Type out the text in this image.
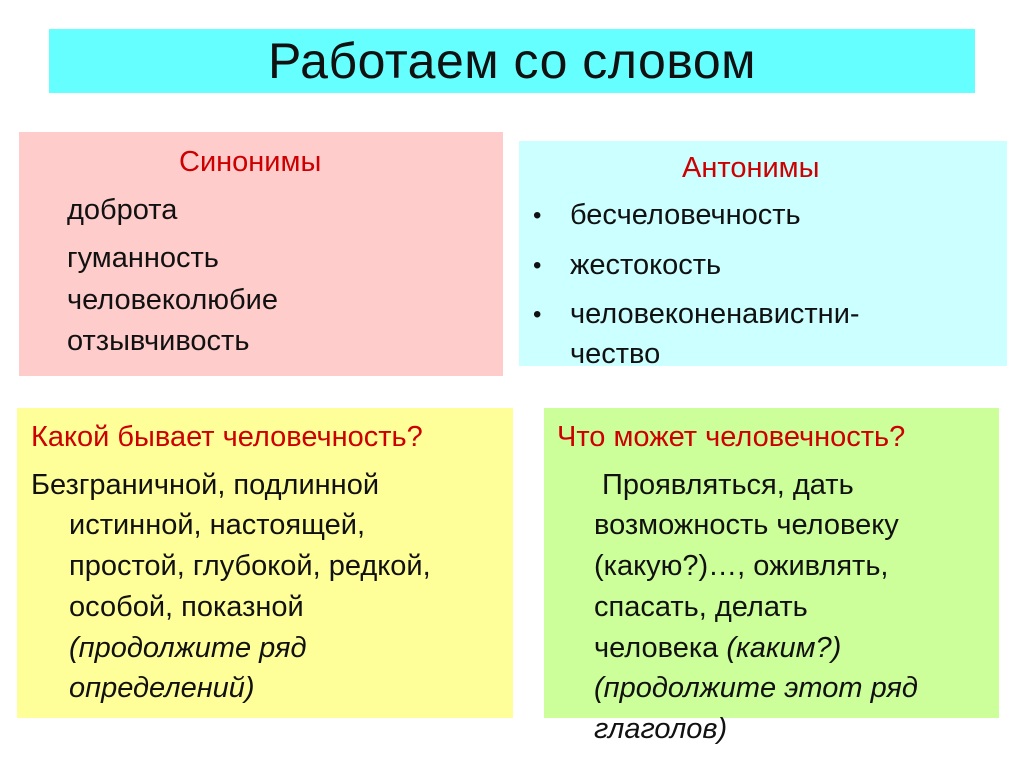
Работаем со словом
Синонимы
доброта
гуманность
человеколюбие
отзывчивость
Антонимы
• бесчеловечность
• жестокость
• человеконенавистни-
чество
Какой бывает человечность?
Безграничной, подлинной
истинной, настоящей,
простой, глубокой, редкой,
особой, показной
(продолжите ряд
определений)
Что может человечность?
Проявляться, дать
возможность человеку
(какую?)…, оживлять,
спасать, делать
человека (каким?)
(продолжите этот ряд
глаголов)
